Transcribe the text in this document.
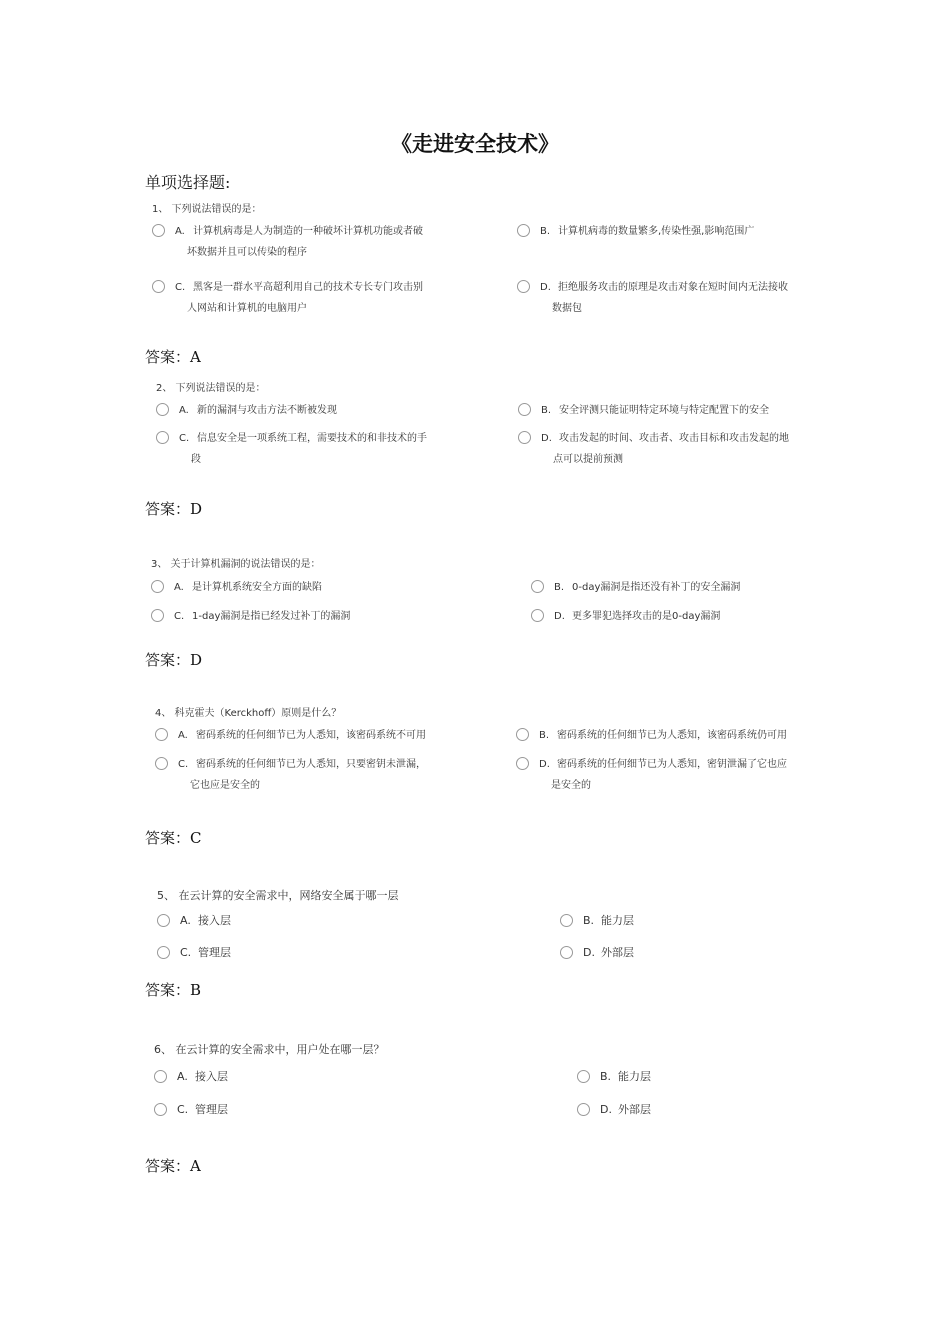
《走进安全技术》
单项选择题:
1、 下列说法错误的是：
A. 计算机病毒是人为制造的一种破坏计算机功能或者破
坏数据并且可以传染的程序
B. 计算机病毒的数量繁多,传染性强,影响范围广
C. 黑客是一群水平高超利用自己的技术专长专门攻击别
人网站和计算机的电脑用户
D. 拒绝服务攻击的原理是攻击对象在短时间内无法接收
数据包
答案：A
2、 下列说法错误的是：
A. 新的漏洞与攻击方法不断被发现	B. 安全评测只能证明特定环境与特定配置下的安全
C. 信息安全是一项系统工程，需要技术的和非技术的手
段
D. 攻击发起的时间、攻击者、攻击目标和攻击发起的地
点可以提前预测
答案：D
3、 关于计算机漏洞的说法错误的是：
A. 是计算机系统安全方面的缺陷	B. 0-day漏洞是指还没有补丁的安全漏洞
C. 1-day漏洞是指已经发过补丁的漏洞	D. 更多罪犯选择攻击的是0-day漏洞
答案：D
4、 科克霍夫（Kerckhoff）原则是什么？
A. 密码系统的任何细节已为人悉知，该密码系统不可用	B. 密码系统的任何细节已为人悉知，该密码系统仍可用
C. 密码系统的任何细节已为人悉知，只要密钥未泄漏，
它也应是安全的
D. 密码系统的任何细节已为人悉知，密钥泄漏了它也应
是安全的
答案：C
5、 在云计算的安全需求中，网络安全属于哪一层
A. 接入层	B. 能力层
C. 管理层	D. 外部层
答案：B
6、 在云计算的安全需求中，用户处在哪一层？
A. 接入层	B. 能力层
C. 管理层	D. 外部层
答案：A
